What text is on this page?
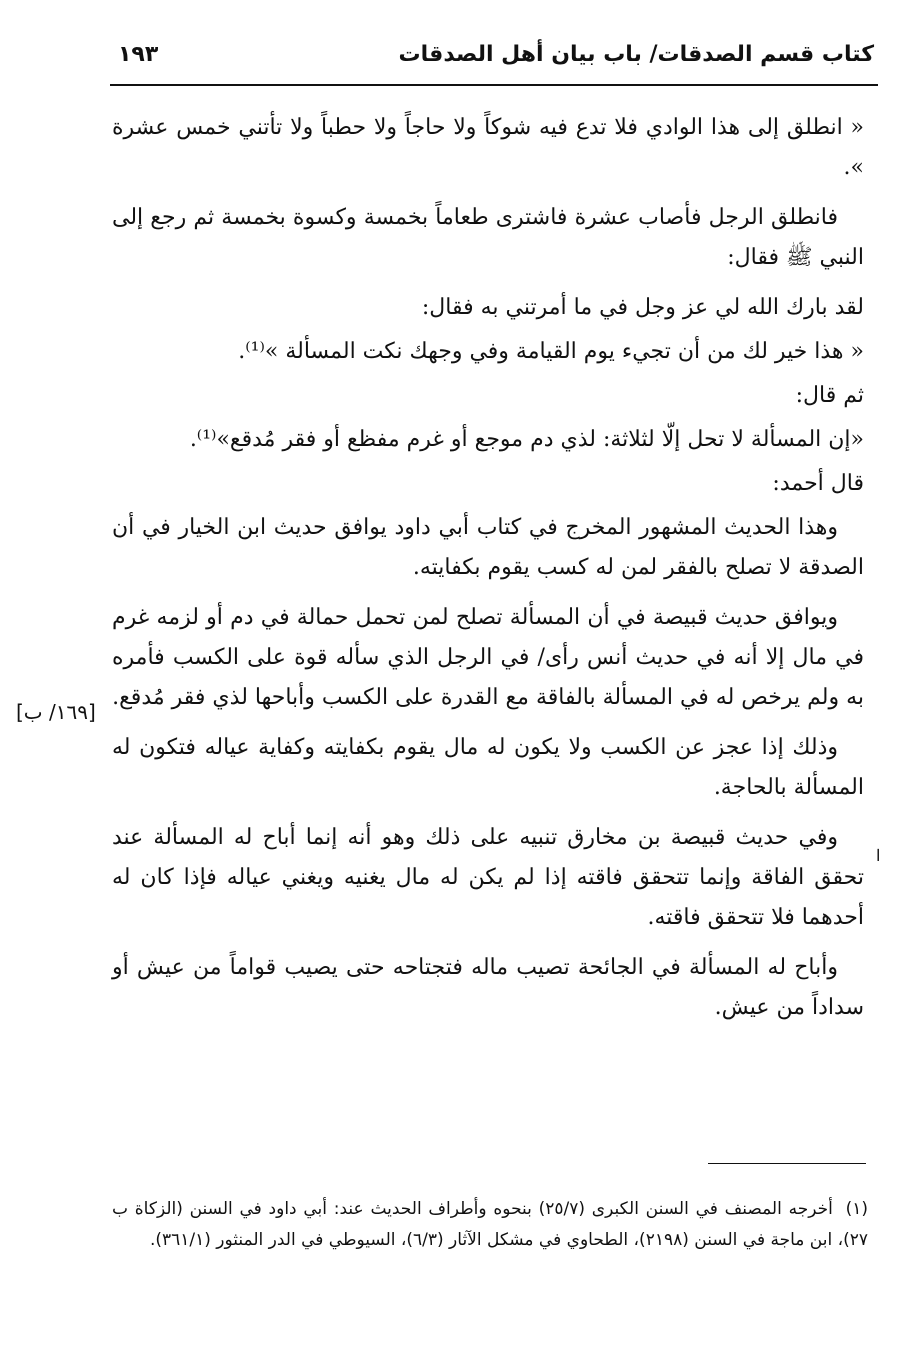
كتاب قسم الصدقات/ باب بيان أهل الصدقات
١٩٣

« انطلق إلى هذا الوادي فلا تدع فيه شوكاً ولا حاجاً ولا حطباً ولا تأتني خمس عشرة ».

فانطلق الرجل فأصاب عشرة فاشترى طعاماً بخمسة وكسوة بخمسة ثم رجع إلى النبي ﷺ فقال:

لقد بارك الله لي عز وجل في ما أمرتني به فقال:

« هذا خير لك من أن تجيء يوم القيامة وفي وجهك نكت المسألة »⁽¹⁾.

ثم قال:

«إن المسألة لا تحل إلّا لثلاثة: لذي دم موجع أو غرم مفظع أو فقر مُدقع»⁽¹⁾.

قال أحمد:

وهذا الحديث المشهور المخرج في كتاب أبي داود يوافق حديث ابن الخيار في أن الصدقة لا تصلح بالفقر لمن له كسب يقوم بكفايته.

ويوافق حديث قبيصة في أن المسألة تصلح لمن تحمل حمالة في دم أو لزمه غرم في مال إلا أنه في حديث أنس رأى/ في الرجل الذي سأله قوة على الكسب فأمره به ولم يرخص له في المسألة بالفاقة مع القدرة على الكسب وأباحها لذي فقر مُدقع.

وذلك إذا عجز عن الكسب ولا يكون له مال يقوم بكفايته وكفاية عياله فتكون له المسألة بالحاجة.

وفي حديث قبيصة بن مخارق تنبيه على ذلك وهو أنه إنما أباح له المسألة عند تحقق الفاقة وإنما تتحقق فاقته إذا لم يكن له مال يغنيه ويغني عياله فإذا كان له أحدهما فلا تتحقق فاقته.

وأباح له المسألة في الجائحة تصيب ماله فتجتاحه حتى يصيب قواماً من عيش أو سداداً من عيش.

[١٦٩/ ب]
ا
(١) أخرجه المصنف في السنن الكبرى (٢٥/٧) بنحوه وأطراف الحديث عند: أبي داود في السنن (الزكاة ب ٢٧)، ابن ماجة في السنن (٢١٩٨)، الطحاوي في مشكل الآثار (٦/٣)، السيوطي في الدر المنثور (٣٦١/١).
